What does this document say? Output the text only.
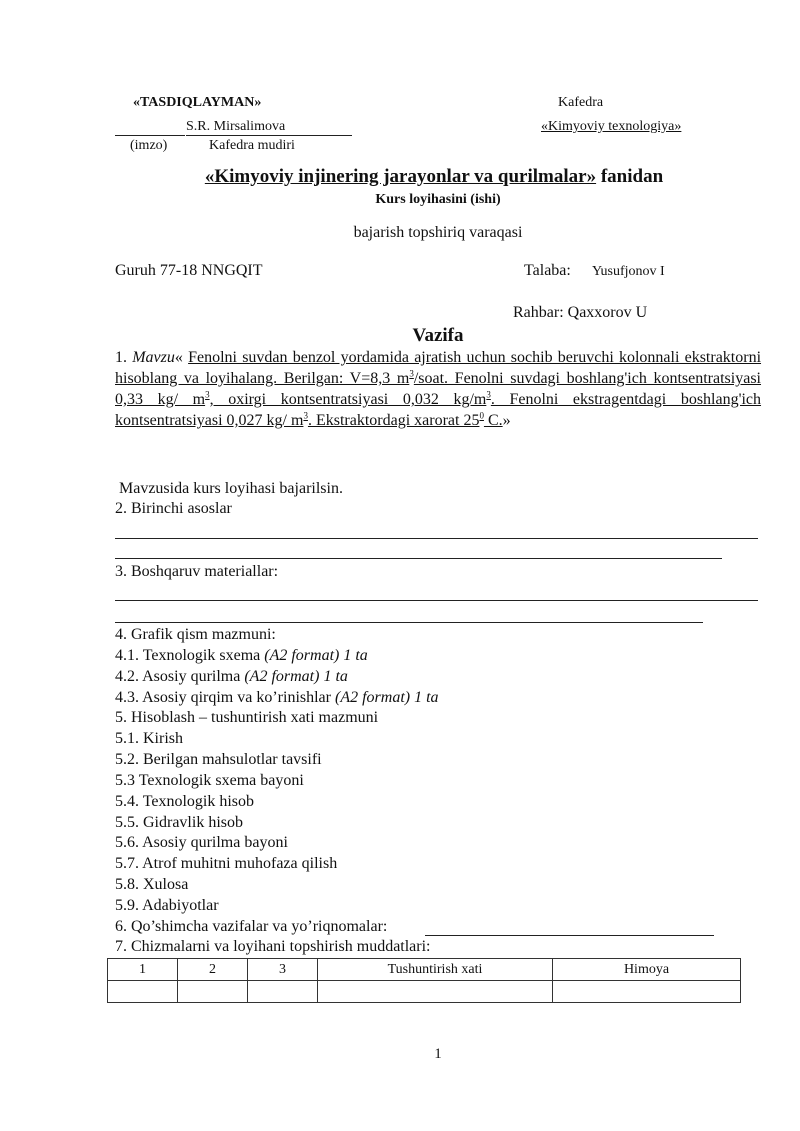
«TASDIQLAYMAN»
S.R. Mirsalimova
(imzo)	Kafedra mudiri
Kafedra
«Kimyoviy texnologiya»
«Kimyoviy injinering jarayonlar va qurilmalar» fanidan
Kurs loyihasini (ishi)
bajarish topshiriq varaqasi
Guruh 77-18 NNGQIT	Talaba: Yusufjonov I
Rahbar: Qaxxorov U
Vazifa
1. Mavzu« Fenolni suvdan benzol yordamida ajratish uchun sochib beruvchi kolonnali ekstraktorni hisoblang va loyihalang. Berilgan: V=8,3 $m^3$/soat. Fenolni suvdagi boshlang'ich kontsentratsiyasi 0,33 kg/ $m^3$, oxirgi kontsentratsiyasi 0,032 $kg/m^3$. Fenolni ekstragentdagi boshlang'ich kontsentratsiyasi 0,027 kg/ $m^3$. Ekstraktordagi xarorat $25^0$ C.»
Mavzusida kurs loyihasi bajarilsin.
2. Birinchi asoslar
3. Boshqaruv materiallar:
4. Grafik qism mazmuni:
4.1. Texnologik sxema (A2 format) 1 ta
4.2. Asosiy qurilma (A2 format) 1 ta
4.3. Asosiy qirqim va ko’rinishlar (A2 format) 1 ta
5. Hisoblash – tushuntirish xati mazmuni
5.1. Kirish
5.2. Berilgan mahsulotlar tavsifi
5.3 Texnologik sxema bayoni
5.4. Texnologik hisob
5.5. Gidravlik hisob
5.6. Asosiy qurilma bayoni
5.7. Atrof muhitni muhofaza qilish
5.8. Xulosa
5.9. Adabiyotlar
6. Qo’shimcha vazifalar va yo’riqnomalar:
7. Chizmalarni va loyihani topshirish muddatlari:
1	2	3	Tushuntirish xati	Himoya

1
